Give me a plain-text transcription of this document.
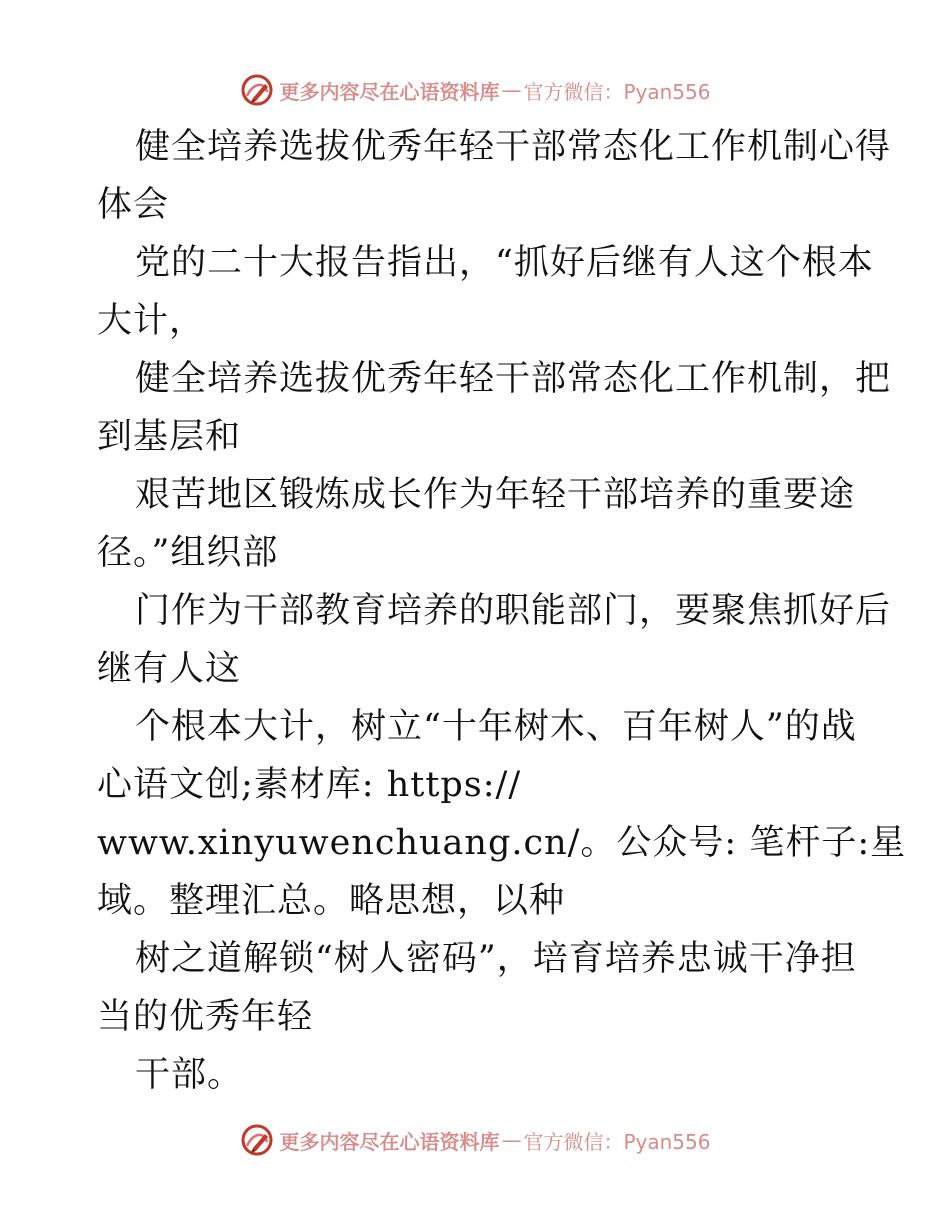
更多内容尽在心语资料库 — 官方微信：Pyan556
健全培养选拔优秀年轻干部常态化工作机制心得
体会
党的二十大报告指出，“抓好后继有人这个根本
大计，
健全培养选拔优秀年轻干部常态化工作机制，把
到基层和
艰苦地区锻炼成长作为年轻干部培养的重要途
径。”组织部
门作为干部教育培养的职能部门，要聚焦抓好后
继有人这
个根本大计，树立“十年树木、百年树人”的战
心语文创;素材库: https://
www.xinyuwenchuang.cn/。公众号: 笔杆子:星
域。整理汇总。略思想，以种
树之道解锁“树人密码”，培育培养忠诚干净担
当的优秀年轻
干部。
更多内容尽在心语资料库 — 官方微信：Pyan556
